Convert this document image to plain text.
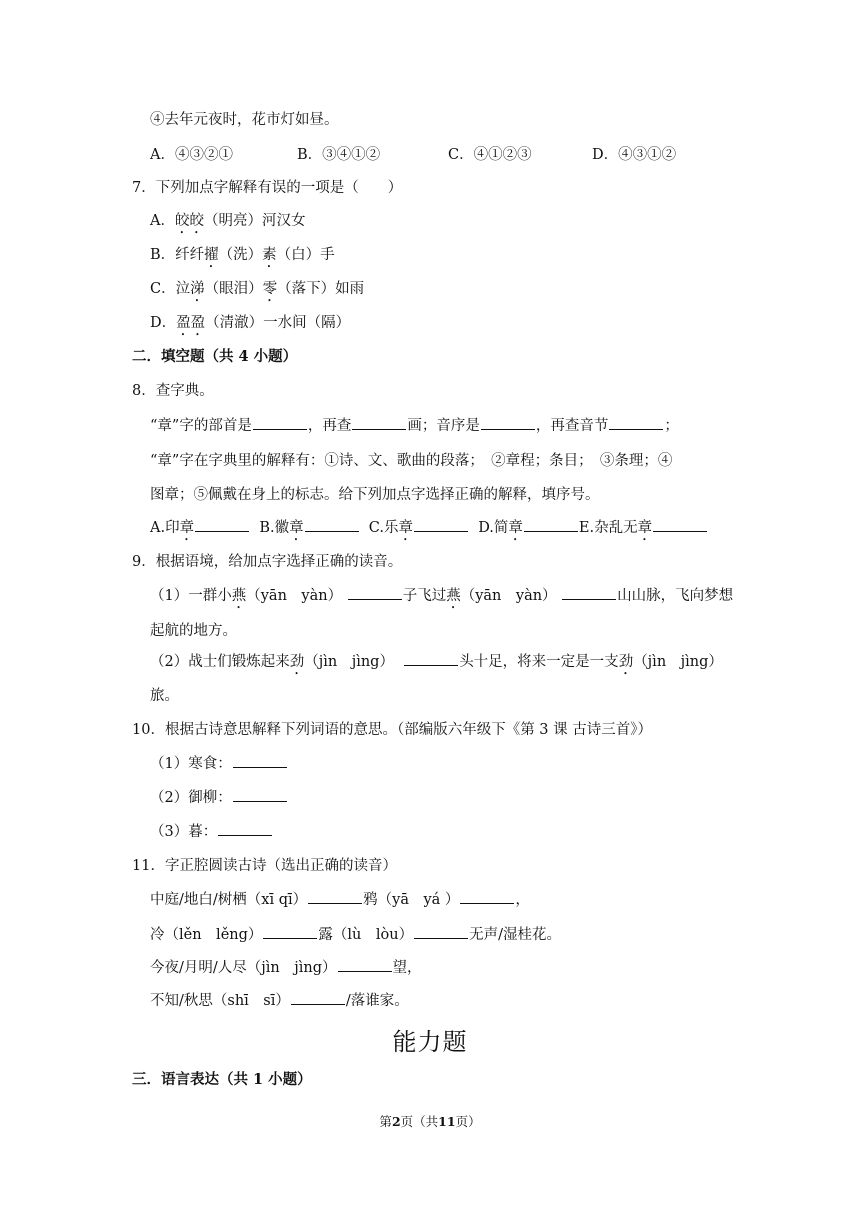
④去年元夜时，花市灯如昼。
A．④③②①	B．③④①②	C．④①②③	D．④③①②
7．下列加点字解释有误的一项是（　　）
A．皎皎（明亮）河汉女
B．纤纤擢（洗）素（白）手
C．泣涕（眼泪）零（落下）如雨
D．盈盈（清澈）一水间（隔）
二．填空题（共 4 小题）
8．查字典。
“章”字的部首是	，再查	画；音序是	，再查音节	；
“章”字在字典里的解释有：①诗、文、歌曲的段落；　②章程；条目；　③条理；④
图章；⑤佩戴在身上的标志。给下列加点字选择正确的解释，填序号。
A.印章	B.徽章	C.乐章	D.简章	E.杂乱无章
9．根据语境，给加点字选择正确的读音。
（1）一群小燕（yān　yàn）	子飞过燕（yān　yàn）	山山脉，飞向梦想
起航的地方。
（2）战士们锻炼起来劲（jìn　jìng）	头十足，将来一定是一支劲（jìn　jìng）
旅。
10．根据古诗意思解释下列词语的意思。（部编版六年级下《第 3 课 古诗三首》）
（1）寒食：
（2）御柳：
（3）暮：
11．字正腔圆读古诗（选出正确的读音）
中庭/地白/树栖（xī qī）	鸦（yā　yá ）	，
冷（lěn　lěng）	露（lù　lòu）	无声/湿桂花。
今夜/月明/人尽（jìn　jìng）	望，
不知/秋思（shī　sī）	/落谁家。
能力题
三．语言表达（共 1 小题）
第2页（共11页）
